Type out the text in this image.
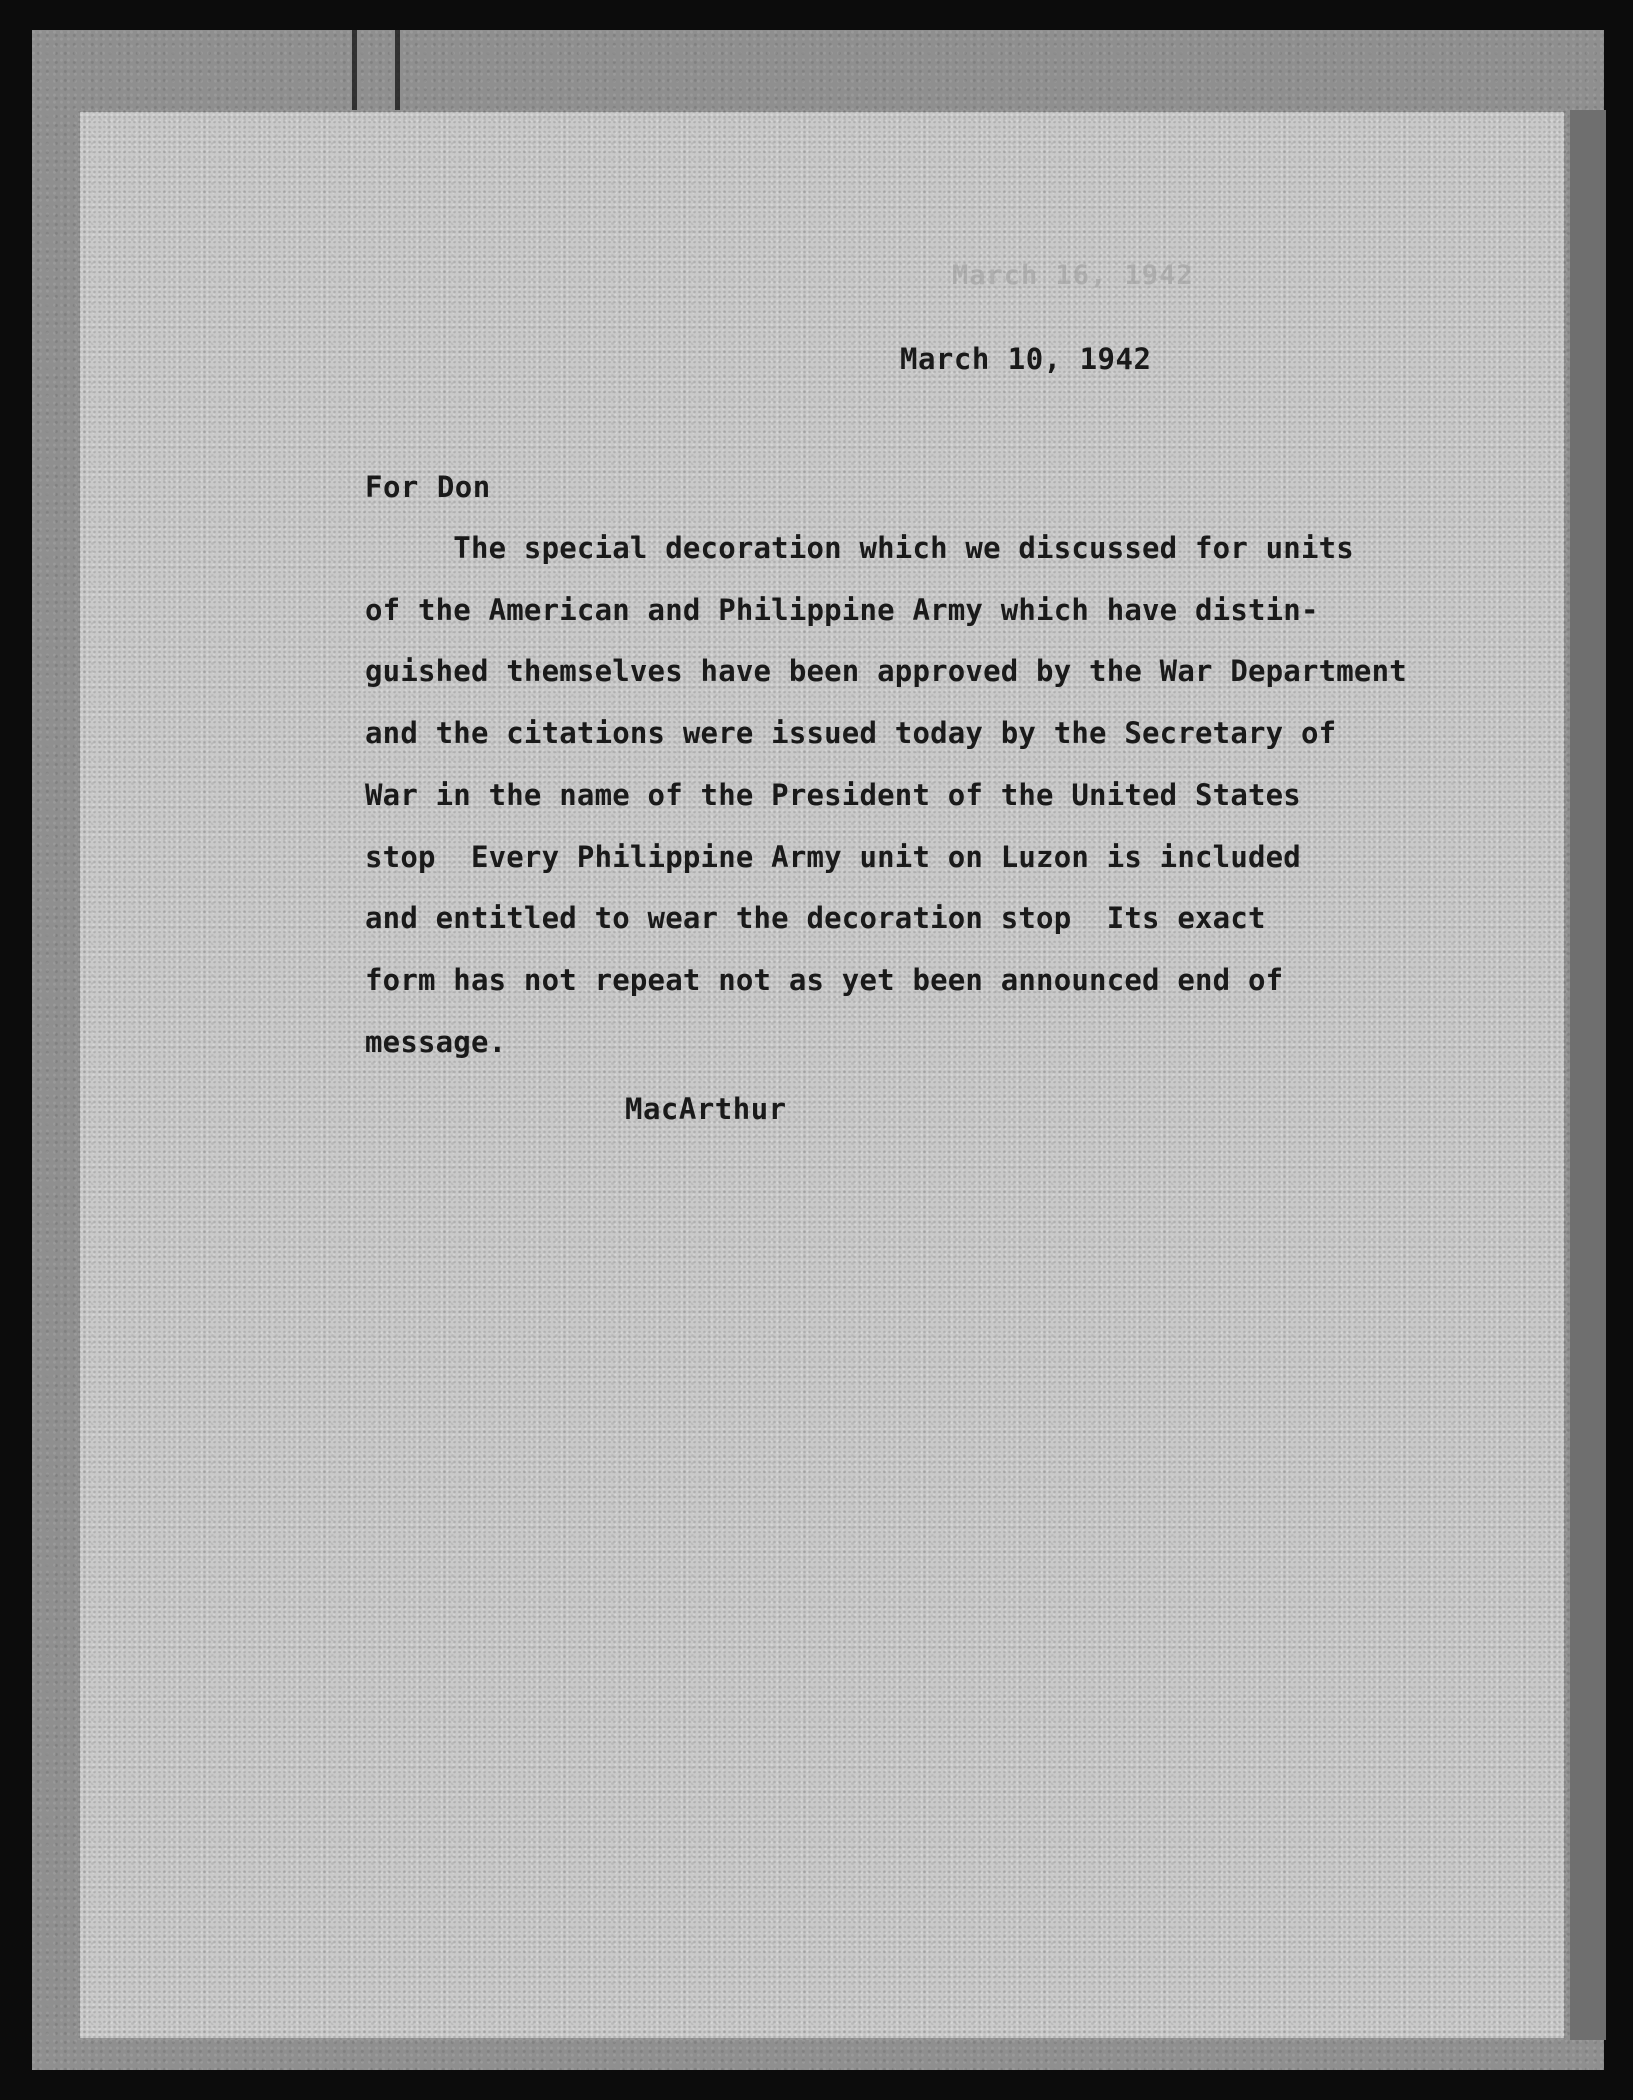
March 16, 1942
March 10, 1942
For Don
The special decoration which we discussed for units
of the American and Philippine Army which have distin-
guished themselves have been approved by the War Department
and the citations were issued today by the Secretary of
War in the name of the President of the United States
stop  Every Philippine Army unit on Luzon is included
and entitled to wear the decoration stop  Its exact
form has not repeat not as yet been announced end of
message.
MacArthur
